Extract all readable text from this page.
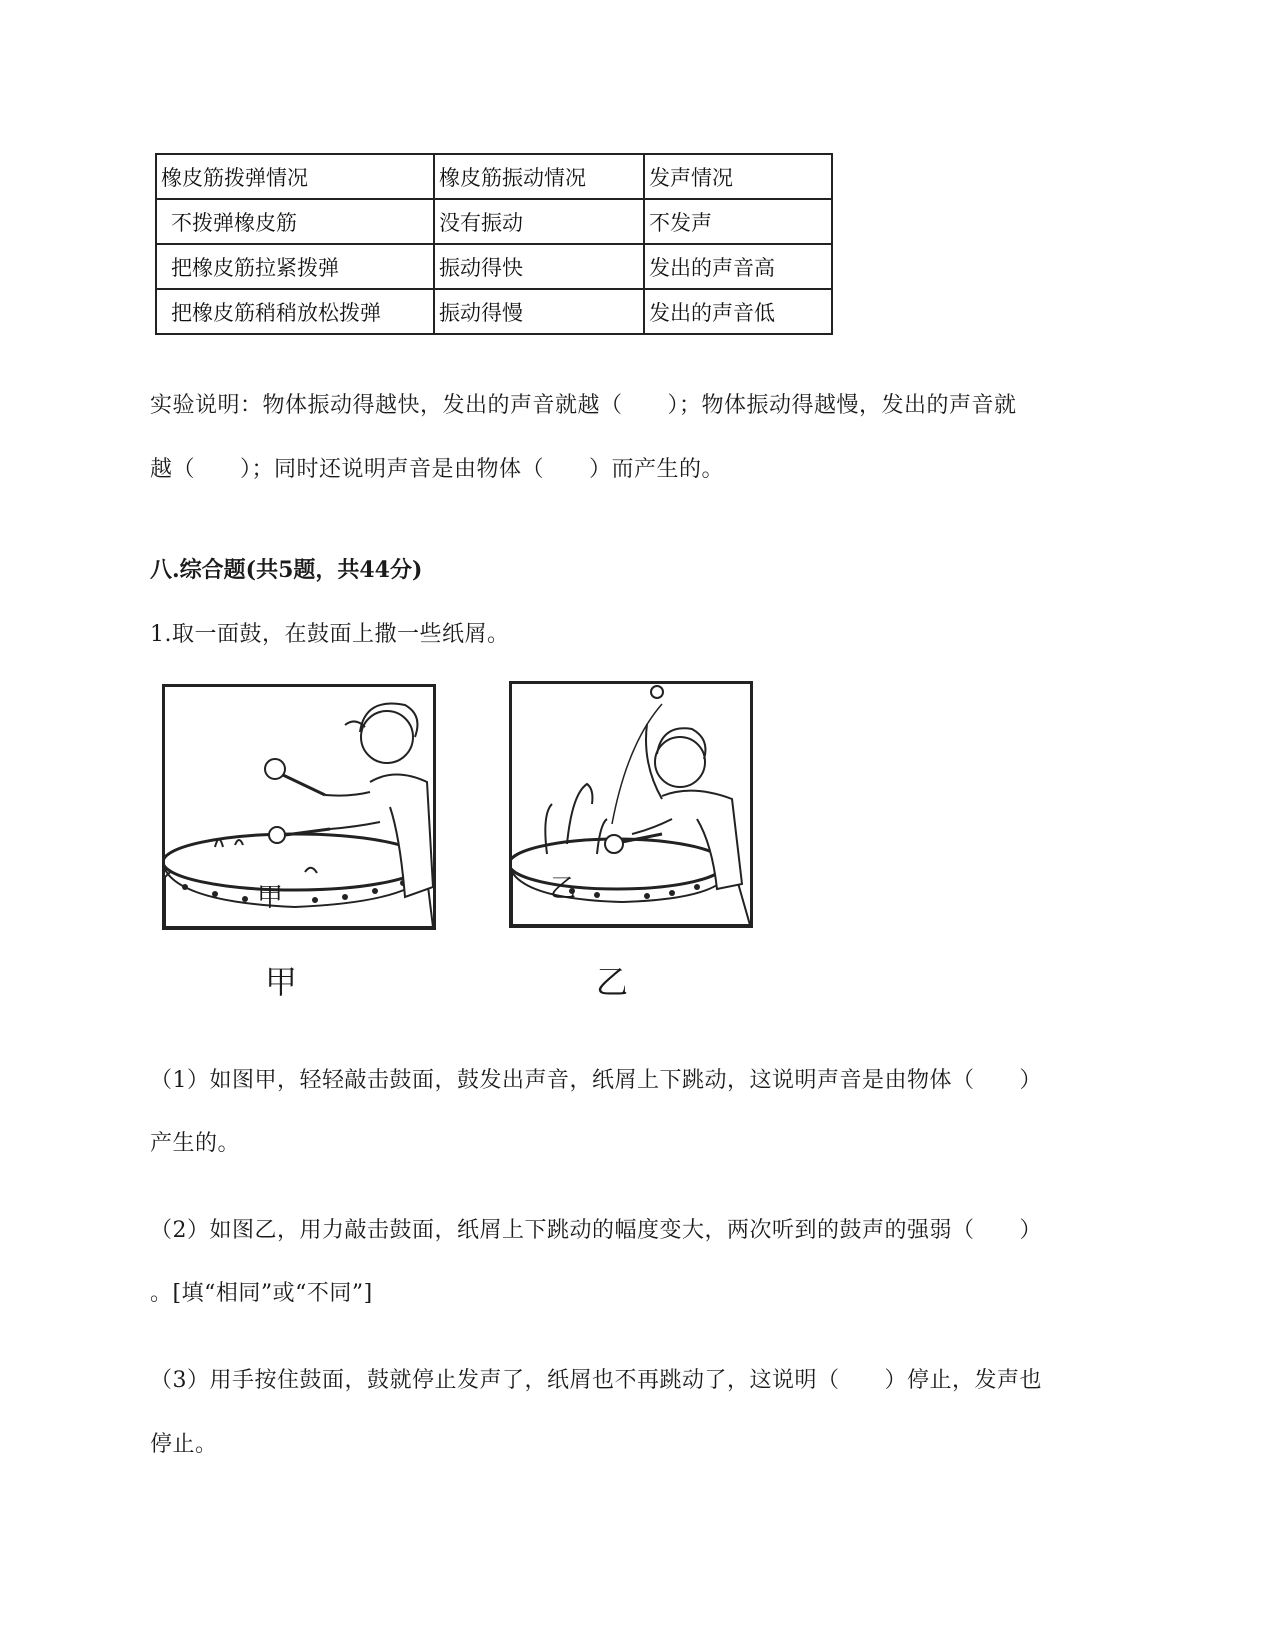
橡皮筋拨弹情况	橡皮筋振动情况	发声情况
不拨弹橡皮筋	没有振动	不发声
把橡皮筋拉紧拨弹	振动得快	发出的声音高
把橡皮筋稍稍放松拨弹	振动得慢	发出的声音低
实验说明：物体振动得越快，发出的声音就越（　　）；物体振动得越慢，发出的声音就
越（　　）；同时还说明声音是由物体（　　）而产生的。
八.综合题(共5题，共44分)
1.取一面鼓，在鼓面上撒一些纸屑。
甲	乙
甲	乙
（1）如图甲，轻轻敲击鼓面，鼓发出声音，纸屑上下跳动，这说明声音是由物体（　　）
产生的。
（2）如图乙，用力敲击鼓面，纸屑上下跳动的幅度变大，两次听到的鼓声的强弱（　　）
。[填“相同”或“不同”]
（3）用手按住鼓面，鼓就停止发声了，纸屑也不再跳动了，这说明（　　）停止，发声也
停止。
